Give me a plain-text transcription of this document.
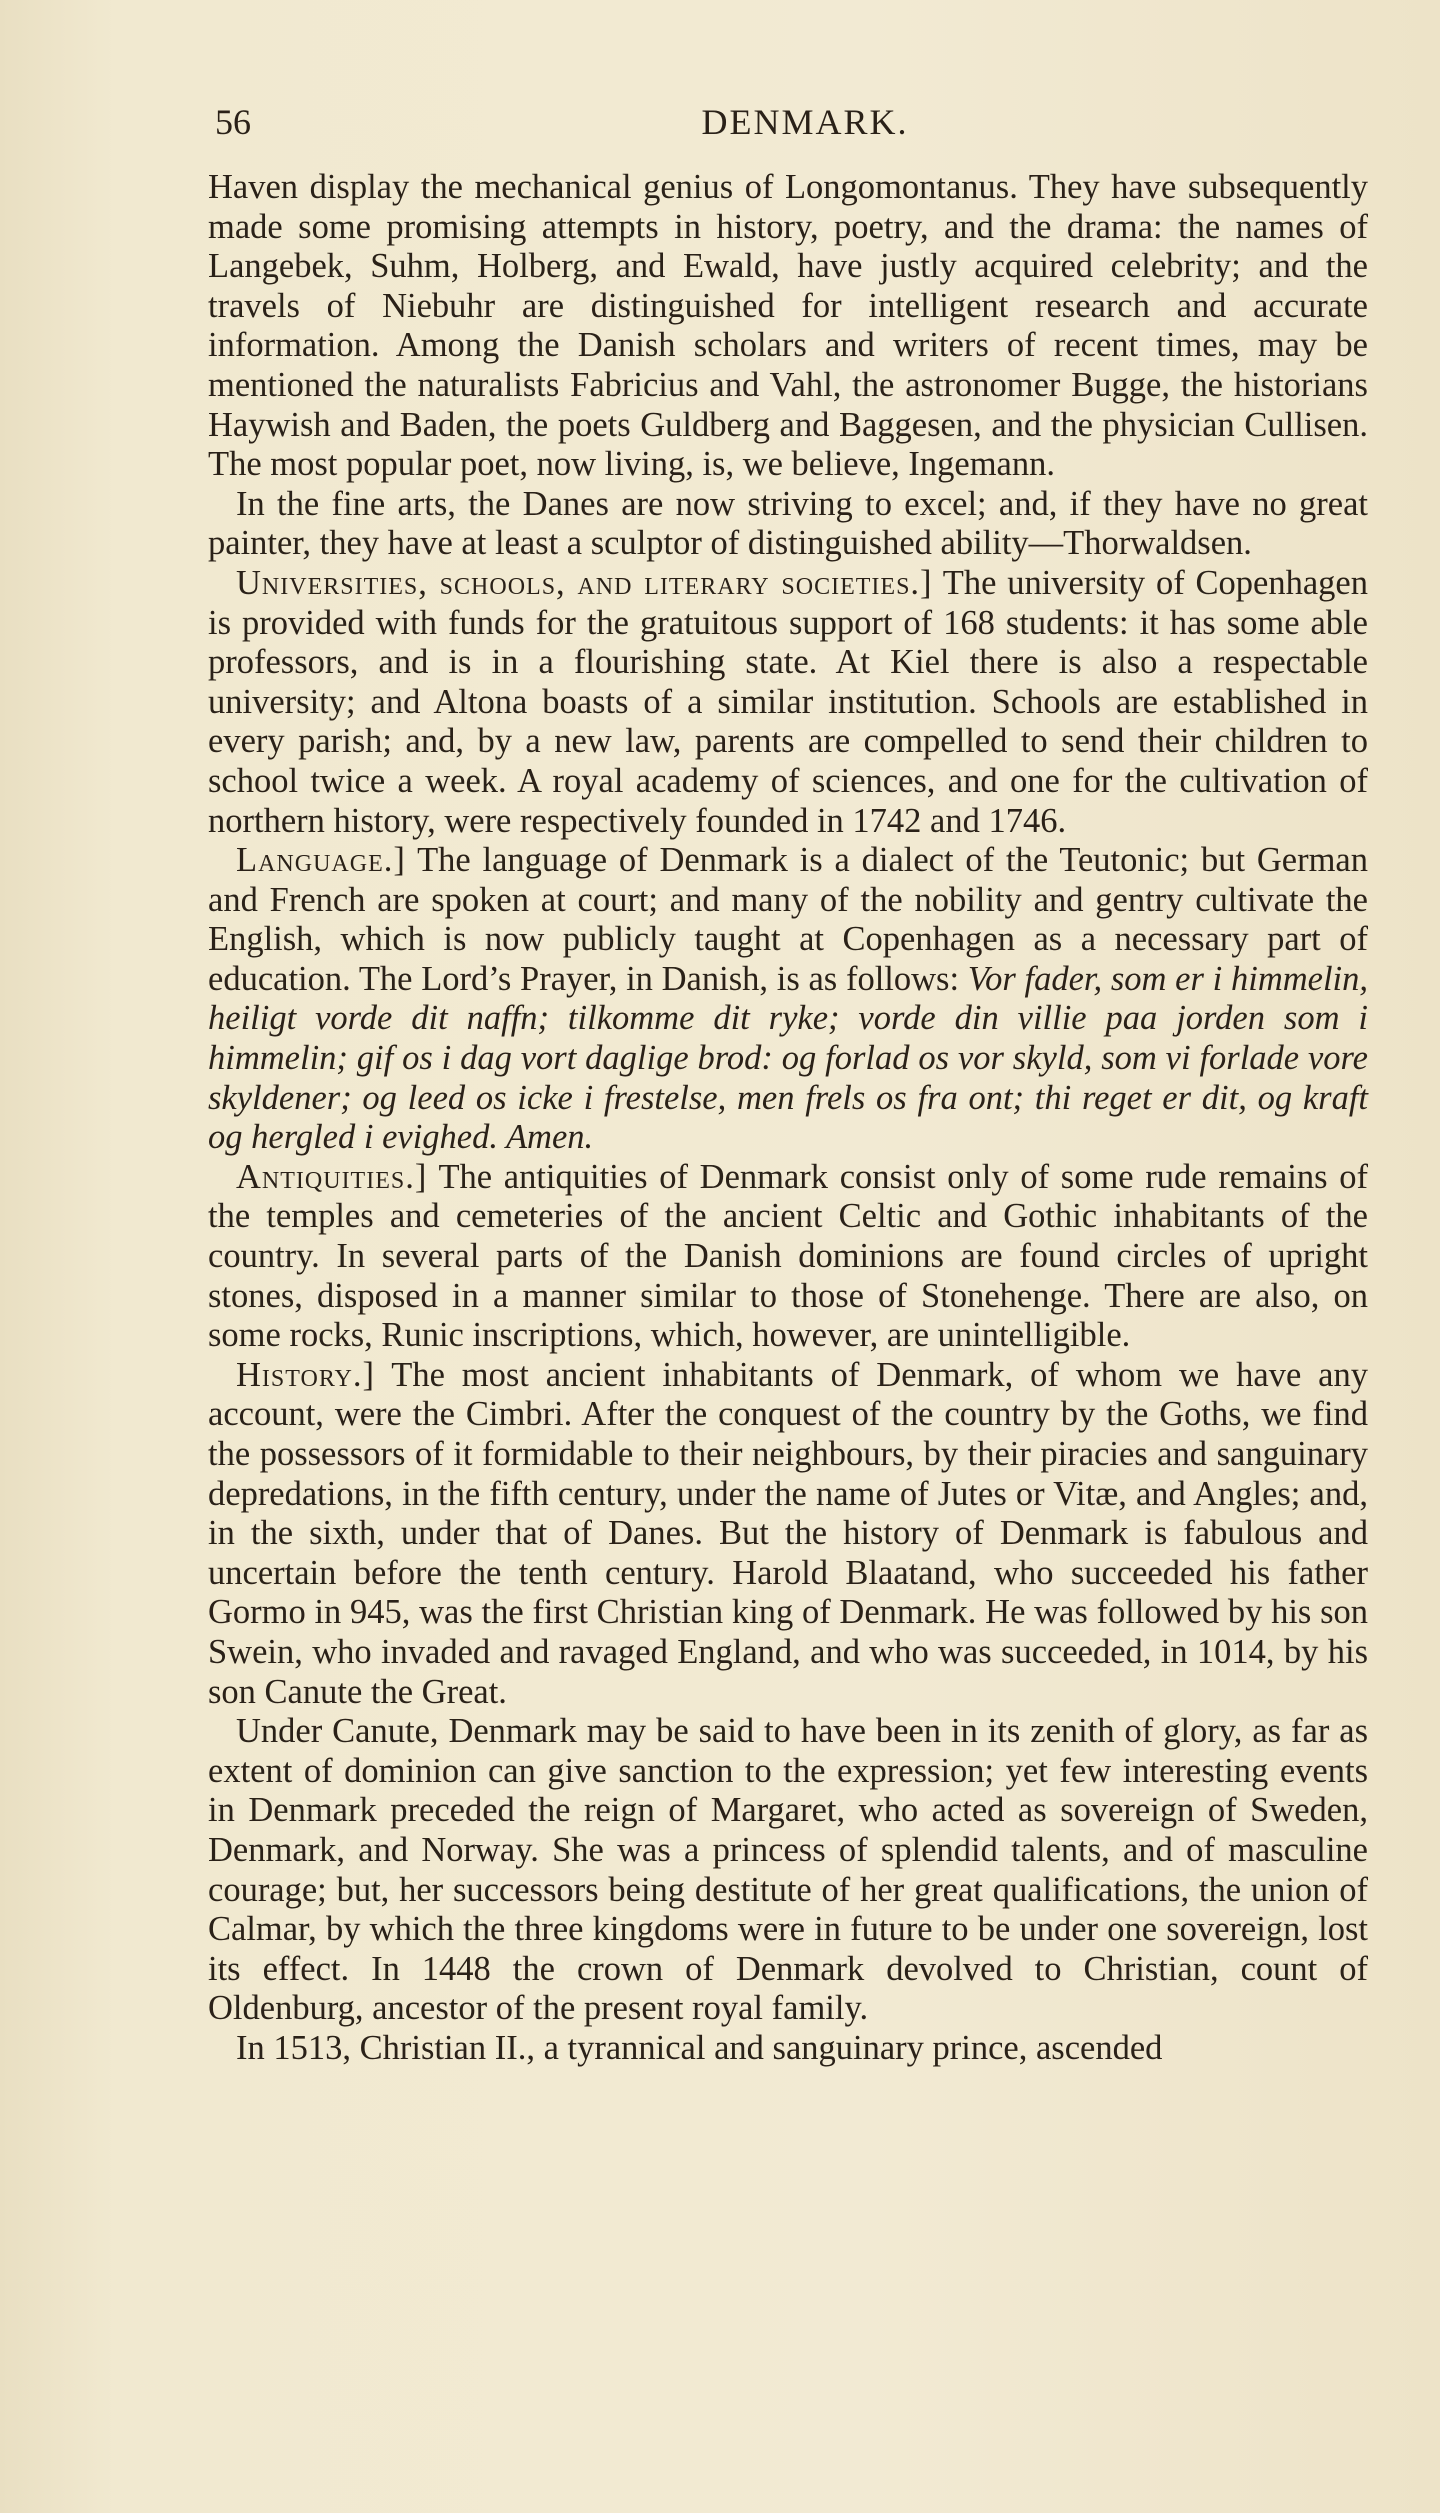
DENMARK.
56

Haven display the mechanical genius of Longomontanus. They have subsequently made some promising attempts in history, poetry, and the drama: the names of Langebek, Suhm, Holberg, and Ewald, have justly acquired celebrity; and the travels of Niebuhr are distinguished for intelligent research and accurate information. Among the Danish scholars and writers of recent times, may be mentioned the naturalists Fabricius and Vahl, the astronomer Bugge, the historians Haywish and Baden, the poets Guldberg and Baggesen, and the physician Cullisen. The most popular poet, now living, is, we believe, Ingemann.

In the fine arts, the Danes are now striving to excel; and, if they have no great painter, they have at least a sculptor of distinguished ability—Thorwaldsen.

Universities, schools, and literary societies.] The university of Copenhagen is provided with funds for the gratuitous support of 168 students: it has some able professors, and is in a flourishing state. At Kiel there is also a respectable university; and Altona boasts of a similar institution. Schools are established in every parish; and, by a new law, parents are compelled to send their children to school twice a week. A royal academy of sciences, and one for the cultivation of northern history, were respectively founded in 1742 and 1746.

Language.] The language of Denmark is a dialect of the Teutonic; but German and French are spoken at court; and many of the nobility and gentry cultivate the English, which is now publicly taught at Copenhagen as a necessary part of education. The Lord’s Prayer, in Danish, is as follows: Vor fader, som er i himmelin, heiligt vorde dit naffn; tilkomme dit ryke; vorde din villie paa jorden som i himmelin; gif os i dag vort daglige brod: og forlad os vor skyld, som vi forlade vore skyldener; og leed os icke i frestelse, men frels os fra ont; thi reget er dit, og kraft og hergled i evighed. Amen.

Antiquities.] The antiquities of Denmark consist only of some rude remains of the temples and cemeteries of the ancient Celtic and Gothic inhabitants of the country. In several parts of the Danish dominions are found circles of upright stones, disposed in a manner similar to those of Stonehenge. There are also, on some rocks, Runic inscriptions, which, however, are unintelligible.

History.] The most ancient inhabitants of Denmark, of whom we have any account, were the Cimbri. After the conquest of the country by the Goths, we find the possessors of it formidable to their neighbours, by their piracies and sanguinary depredations, in the fifth century, under the name of Jutes or Vitæ, and Angles; and, in the sixth, under that of Danes. But the history of Denmark is fabulous and uncertain before the tenth century. Harold Blaatand, who succeeded his father Gormo in 945, was the first Christian king of Denmark. He was followed by his son Swein, who invaded and ravaged England, and who was succeeded, in 1014, by his son Canute the Great.

Under Canute, Denmark may be said to have been in its zenith of glory, as far as extent of dominion can give sanction to the expression; yet few interesting events in Denmark preceded the reign of Margaret, who acted as sovereign of Sweden, Denmark, and Norway. She was a princess of splendid talents, and of masculine courage; but, her successors being destitute of her great qualifications, the union of Calmar, by which the three kingdoms were in future to be under one sovereign, lost its effect. In 1448 the crown of Denmark devolved to Christian, count of Oldenburg, ancestor of the present royal family.

In 1513, Christian II., a tyrannical and sanguinary prince, ascended
